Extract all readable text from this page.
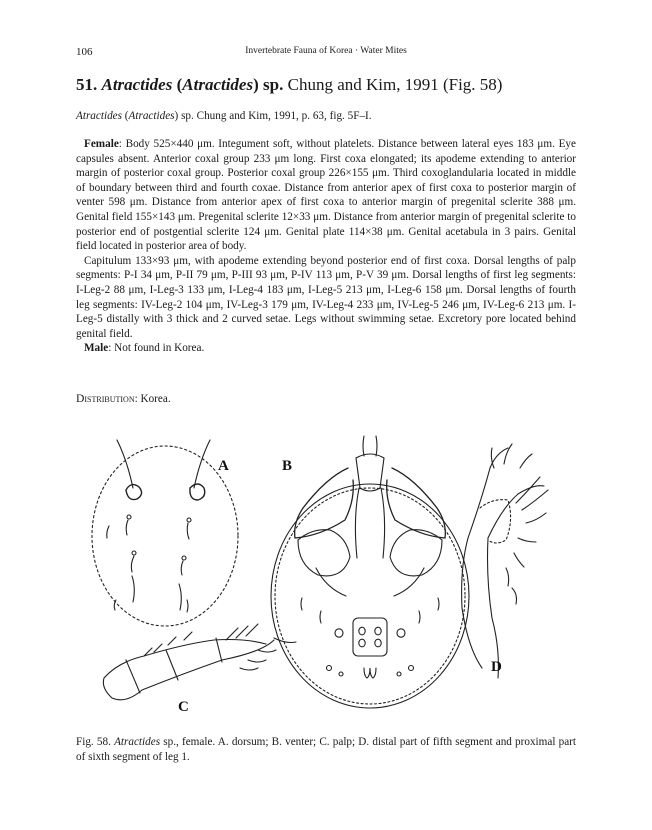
106	Invertebrate Fauna of Korea · Water Mites
51. Atractides (Atractides) sp. Chung and Kim, 1991 (Fig. 58)
Atractides (Atractides) sp. Chung and Kim, 1991, p. 63, fig. 5F–I.

Female: Body 525×440 μm. Integument soft, without platelets. Distance between lateral eyes 183 μm. Eye capsules absent. Anterior coxal group 233 μm long. First coxa elongated; its apodeme extending to anterior margin of posterior coxal group. Posterior coxal group 226×155 μm. Third coxoglandularia located in middle of boundary between third and fourth coxae. Distance from anterior apex of first coxa to posterior margin of venter 598 μm. Distance from anterior apex of first coxa to anterior margin of pregenital sclerite 388 μm. Genital field 155×143 μm. Pregenital sclerite 12×33 μm. Distance from anterior margin of pregenital sclerite to posterior end of postgential sclerite 124 μm. Genital plate 114×38 μm. Genital acetabula in 3 pairs. Genital field located in posterior area of body.

Capitulum 133×93 μm, with apodeme extending beyond posterior end of first coxa. Dorsal lengths of palp segments: P-I 34 μm, P-II 79 μm, P-III 93 μm, P-IV 113 μm, P-V 39 μm. Dorsal lengths of first leg segments: I-Leg-2 88 μm, I-Leg-3 133 μm, I-Leg-4 183 μm, I-Leg-5 213 μm, I-Leg-6 158 μm. Dorsal lengths of fourth leg segments: IV-Leg-2 104 μm, IV-Leg-3 179 μm, IV-Leg-4 233 μm, IV-Leg-5 246 μm, IV-Leg-6 213 μm. I-Leg-5 distally with 3 thick and 2 curved setae. Legs without swimming setae. Excretory pore located behind genital field.

Male: Not found in Korea.

Distribution: Korea.
A	B
C
D
Fig. 58. Atractides sp., female. A. dorsum; B. venter; C. palp; D. distal part of fifth segment and proximal part of sixth segment of leg 1.
